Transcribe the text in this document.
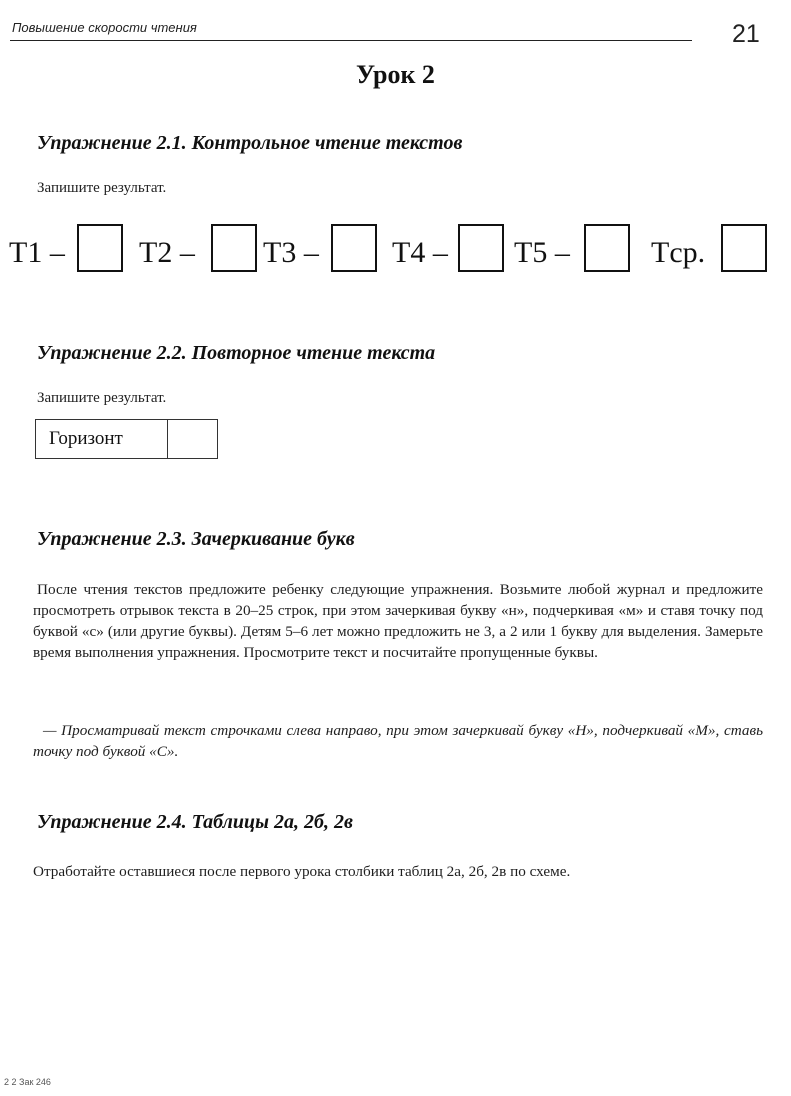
Повышение скорости чтения	21
Урок 2
Упражнение 2.1. Контрольное чтение текстов
Запишите результат.
T1 – T2 – T3 – T4 – T5 –	Tср.
Упражнение 2.2. Повторное чтение текста
Запишите результат.
Горизонт
Упражнение 2.3. Зачеркивание букв

После чтения текстов предложите ребенку следующие упражнения. Возьмите любой журнал и предложите просмотреть отрывок текста в 20–25 строк, при этом зачеркивая букву «н», подчеркивая «м» и ставя точку под буквой «с» (или другие буквы). Детям 5–6 лет можно предложить не 3, а 2 или 1 букву для выделения. Замерьте время выполнения упражнения. Просмотрите текст и посчитайте пропущенные буквы.

— Просматривай текст строчками слева направо, при этом зачеркивай букву «Н», подчеркивай «М», ставь точку под буквой «С».

Упражнение 2.4. Таблицы 2а, 2б, 2в

Отработайте оставшиеся после первого урока столбики таблиц 2а, 2б, 2в по схеме.

2 2 Зак 246
